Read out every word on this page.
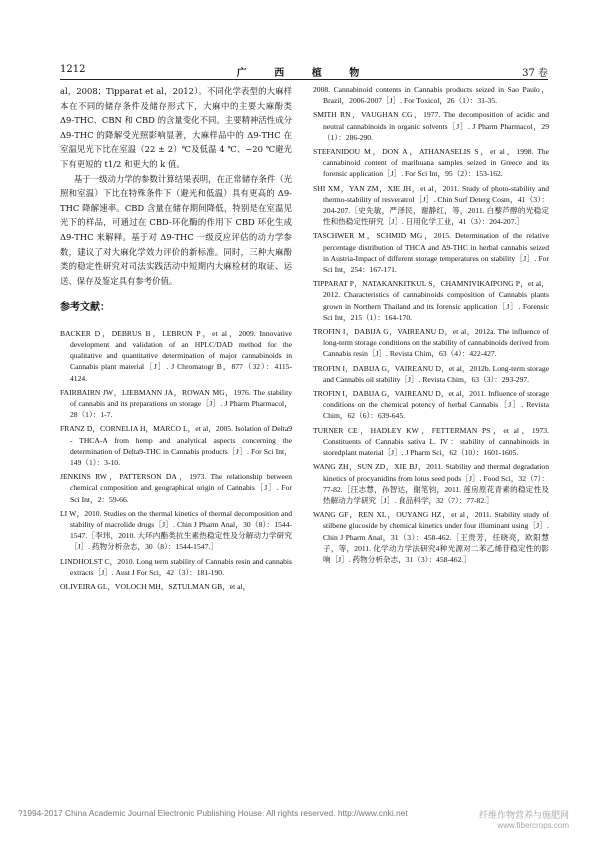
1212	广 西 植 物	37 卷

al，2008；Tipparat et al，2012）。不同化学表型的大麻样本在不同的储存条件及储存形式下，大麻中的主要大麻酚类 Δ9-THC、CBN 和 CBD 的含量变化不同。主要精神活性成分 Δ9-THC 的降解受光照影响显著，大麻样品中的 Δ9-THC 在室温见光下比在室温（22 ± 2）℃及低温 4 ℃、−20 ℃避光下有更短的 t1/2 和更大的 k 值。

基于一级动力学的参数计算结果表明，在正常储存条件（光照和室温）下比在特殊条件下（避光和低温）具有更高的 Δ9-THC 降解速率。CBD 含量在储存期间降低，特别是在室温见光下的样品，可通过在 CBD-环化酶的作用下 CBD 环化生成 Δ9-THC 来解释。基于对 Δ9-THC 一级反应评估的动力学参数，建议了对大麻化学效力评价的新标准。同时，三种大麻酚类的稳定性研究对司法实践活动中短期内大麻检材的取证、运送、保存及鉴定具有参考价值。

参考文献：
BACKER D，DEBRUS B，LEBRUN P，et al，2009. Innovative development and validation of an HPLC/DAD method for the qualitative and quantitative determination of major cannabinoids in Cannabis plant material［J］. J Chromatogr B，877（32）：4115-4124.
FAIRBAIRN JW，LIEBMANN JA，ROWAN MG，1976. The stability of cannabis and its preparations on storage［J］. J Pharm Pharmacol，28（1）：1-7.
FRANZ D，CORNELIA H，MARCO L，et al，2005. Isolation of Delta9 - THCA-A from hemp and analytical aspects concerning the determination of Delta9-THC in Cannabis products［J］. For Sci Int，149（1）：3-10.
JENKINS RW，PATTERSON DA，1973. The relationship between chemical composition and geographical origin of Cannabis［J］. For Sci Int，2：59-66.
LI W，2010. Studies on the thermal kinetics of thermal decomposition and stability of macrolide drugs［J］. Chin J Pharm Anal，30（8）：1544-1547.［李玮，2010. 大环内酯类抗生素热稳定性及分解动力学研究［J］. 药物分析杂志，30（8）：1544-1547.］
LINDHOLST C，2010. Long term stability of Cannabis resin and cannabis extracts［J］. Aust J For Sci，42（3）：181-190.
OLIVEIRA GL，VOLOCH MH，SZTULMAN GB，et al，
2008. Cannabinoid contents in Cannabis products seized in Sao Paulo，Brazil，2006-2007［J］. For Toxicol，26（1）：31-35.
SMITH RN，VAUGHAN CG，1977. The decomposition of acidic and neutral cannabinoids in organic solvents［J］. J Pharm Pharmacol，29（1）：286-290.
STEFANIDOU M，DON A，ATHANASELIS S，et al，1998. The cannabinoid content of marihuana samples seized in Greece and its forensic application［J］. For Sci Int，95（2）：153-162.
SHI XM，YAN ZM，XIE JH，et al，2011. Study of photo-stability and thermo-stability of resveratrol［J］. Chin Surf Deterg Cosm，41（3）：204-207.［史先敏，严泽民，谢静红，等，2011. 白藜芦醇的光稳定性和热稳定性研究［J］. 日用化学工业，41（3）：204-207.］
TASCHWER M，SCHMID MG，2015. Determination of the relative percentage distribution of THCA and Δ9-THC in herbal cannabis seized in Austria-Impact of different storage temperatures on stability［J］. For Sci Int，254：167-171.
TIPPARAT P，NATAKANKITKUL S，CHAMNIVIKAIPONG P，et al，2012. Characteristics of cannabinoids composition of Cannabis plants grown in Northern Thailand and its forensic application［J］. Forensic Sci Int，215（1）：164-170.
TROFIN I，DABIJA G，VAIREANU D，et al，2012a. The influence of long-term storage conditions on the stability of cannabinoids derived from Cannabis resin［J］. Revista Chim，63（4）：422-427.
TROFIN I，DABIJA G，VAIREANU D，et al，2012b. Long-term storage and Cannabis oil stability［J］. Revista Chim，63（3）：293-297.
TROFIN I，DABIJA G，VAIREANU D，et al，2011. Influence of storage conditions on the chemical potency of herbal Cannabis［J］. Revista Chim，62（6）：639-645.
TURNER CE，HADLEY KW，FETTERMAN PS，et al，1973. Constituents of Cannabis sativa L. IV：stability of cannabinoids in storedplant material［J］. J Pharm Sci，62（10）：1601-1605.
WANG ZH，SUN ZD，XIE BJ，2011. Stability and thermal degradation kinetics of procyanidins from lotus seed pods［J］. Food Sci，32（7）：77-82.［汪志慧，孙智达，谢笔钧，2011. 莲房原花青素的稳定性及热解动力学研究［J］. 食品科学，32（7）：77-82.］
WANG GF，REN XL，OUYANG HZ，et al，2011. Stability study of stilbene glucoside by chemical kinetics under four illuminant using［J］. Chin J Pharm Anal，31（3）：458-462.［王贵芳，任晓亮，欧阳慧子，等，2011. 化学动力学法研究4种光源对二苯乙烯苷稳定性的影响［J］. 药物分析杂志，31（3）：458-462.］
?1994-2017 China Academic Journal Electronic Publishing House. All rights reserved. http://www.cnki.net	纤维作物营养与施肥网
www.fibercrops.com
